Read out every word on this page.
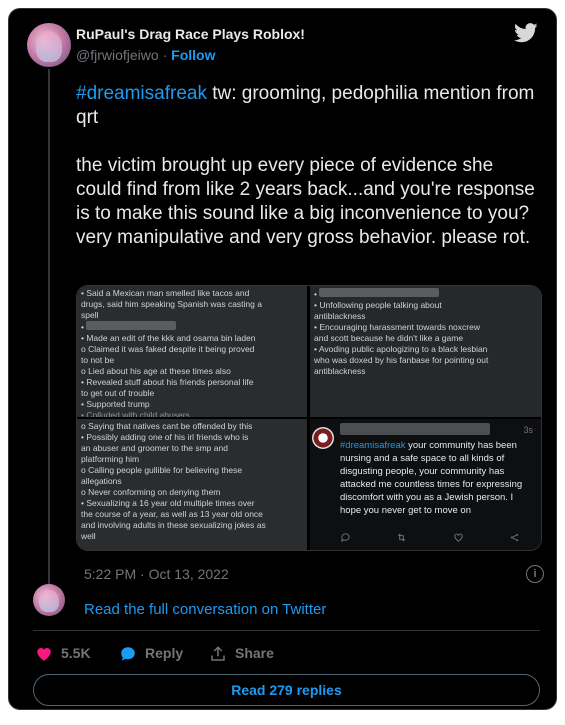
RuPaul's Drag Race Plays Roblox!
@fjrwiofjeiwo · Follow

#dreamisafreak tw: grooming, pedophilia mention from qrt

the victim brought up every piece of evidence she could find from like 2 years back...and you're response is to make this sound like a big inconvenience to you? very manipulative and very gross behavior. please rot.

• Said a Mexican man smelled like tacos and
drugs, said him speaking Spanish was casting a
spell
•
• Made an edit of the kkk and osama bin laden
o Claimed it was faked despite it being proved
to not be
o Lied about his age at these times also
• Revealed stuff about his friends personal life
to get out of trouble
• Supported trump
• Colluded with child abusers...
•
• Unfollowing people talking about
antiblackness
• Encouraging harassment towards noxcrew
and scott because he didn't like a game
• Avoding public apologizing to a black lesbian
who was doxed by his fanbase for pointing out
antiblackness
o Saying that natives cant be offended by this
• Possibly adding one of his irl friends who is
an abuser and groomer to the smp and
platforming him
o Calling people gullible for believing these
allegations
o Never conforming on denying them
• Sexualizing a 16 year old multiple times over
the course of a year, as well as 13 year old once
and involving adults in these sexualizing jokes as
well
3s
#dreamisafreak your community has been nursing and a safe space to all kinds of disgusting people, your community has attacked me countless times for expressing discomfort with you as a Jewish person. I hope you never get to move on
5:22 PM · Oct 13, 2022	i
Read the full conversation on Twitter
5.5K	Reply	Share
Read 279 replies
